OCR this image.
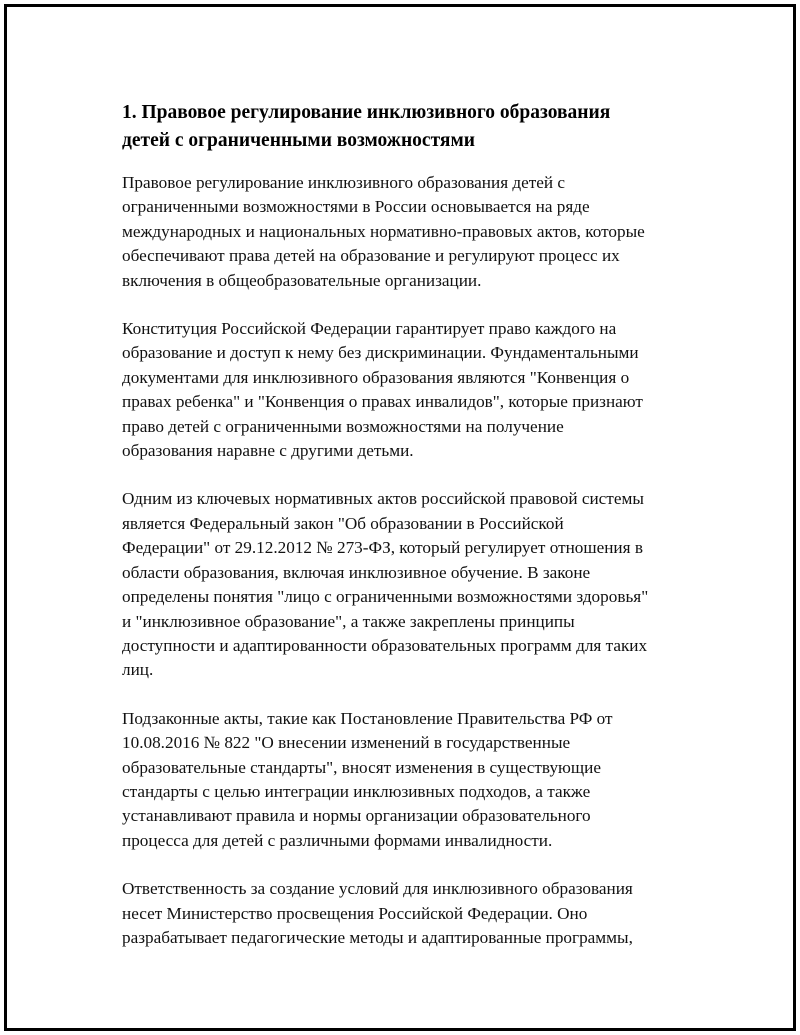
1. Правовое регулирование инклюзивного образования
детей с ограниченными возможностями

Правовое регулирование инклюзивного образования детей с
ограниченными возможностями в России основывается на ряде
международных и национальных нормативно-правовых актов, которые
обеспечивают права детей на образование и регулируют процесс их
включения в общеобразовательные организации.

Конституция Российской Федерации гарантирует право каждого на
образование и доступ к нему без дискриминации. Фундаментальными
документами для инклюзивного образования являются "Конвенция о
правах ребенка" и "Конвенция о правах инвалидов", которые признают
право детей с ограниченными возможностями на получение
образования наравне с другими детьми.

Одним из ключевых нормативных актов российской правовой системы
является Федеральный закон "Об образовании в Российской
Федерации" от 29.12.2012 № 273-ФЗ, который регулирует отношения в
области образования, включая инклюзивное обучение. В законе
определены понятия "лицо с ограниченными возможностями здоровья"
и "инклюзивное образование", а также закреплены принципы
доступности и адаптированности образовательных программ для таких
лиц.

Подзаконные акты, такие как Постановление Правительства РФ от
10.08.2016 № 822 "О внесении изменений в государственные
образовательные стандарты", вносят изменения в существующие
стандарты с целью интеграции инклюзивных подходов, а также
устанавливают правила и нормы организации образовательного
процесса для детей с различными формами инвалидности.

Ответственность за создание условий для инклюзивного образования
несет Министерство просвещения Российской Федерации. Оно
разрабатывает педагогические методы и адаптированные программы,
